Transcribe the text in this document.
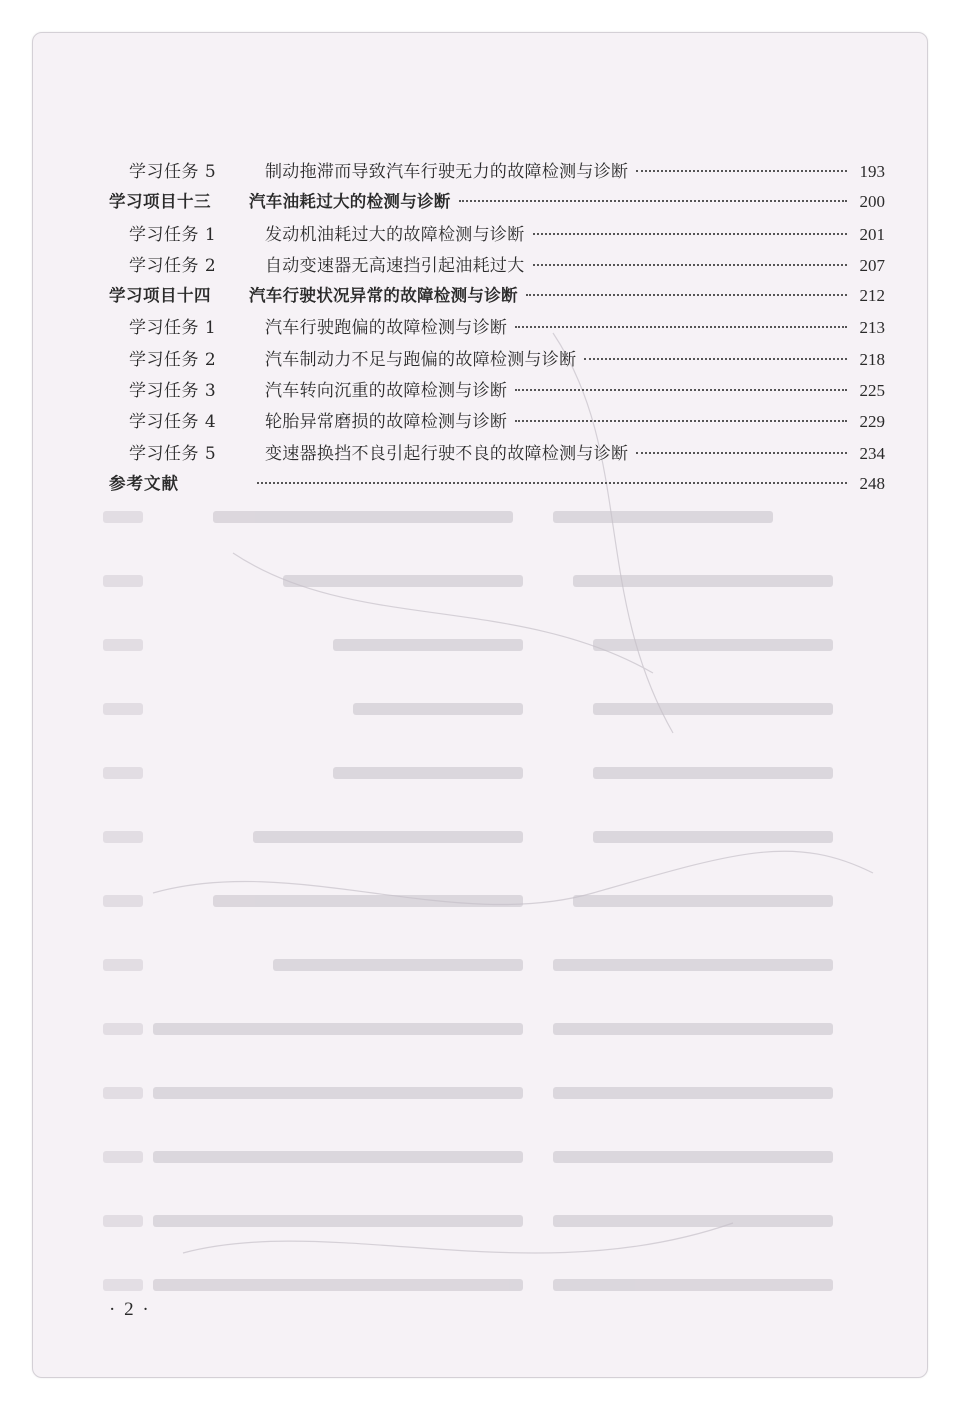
学习任务 5	制动拖滞而导致汽车行驶无力的故障检测与诊断	193
学习项目十三	汽车油耗过大的检测与诊断	200
学习任务 1	发动机油耗过大的故障检测与诊断	201
学习任务 2	自动变速器无高速挡引起油耗过大	207
学习项目十四	汽车行驶状况异常的故障检测与诊断	212
学习任务 1	汽车行驶跑偏的故障检测与诊断	213
学习任务 2	汽车制动力不足与跑偏的故障检测与诊断	218
学习任务 3	汽车转向沉重的故障检测与诊断	225
学习任务 4	轮胎异常磨损的故障检测与诊断	229
学习任务 5	变速器换挡不良引起行驶不良的故障检测与诊断	234
参考文献	248
· 2 ·
